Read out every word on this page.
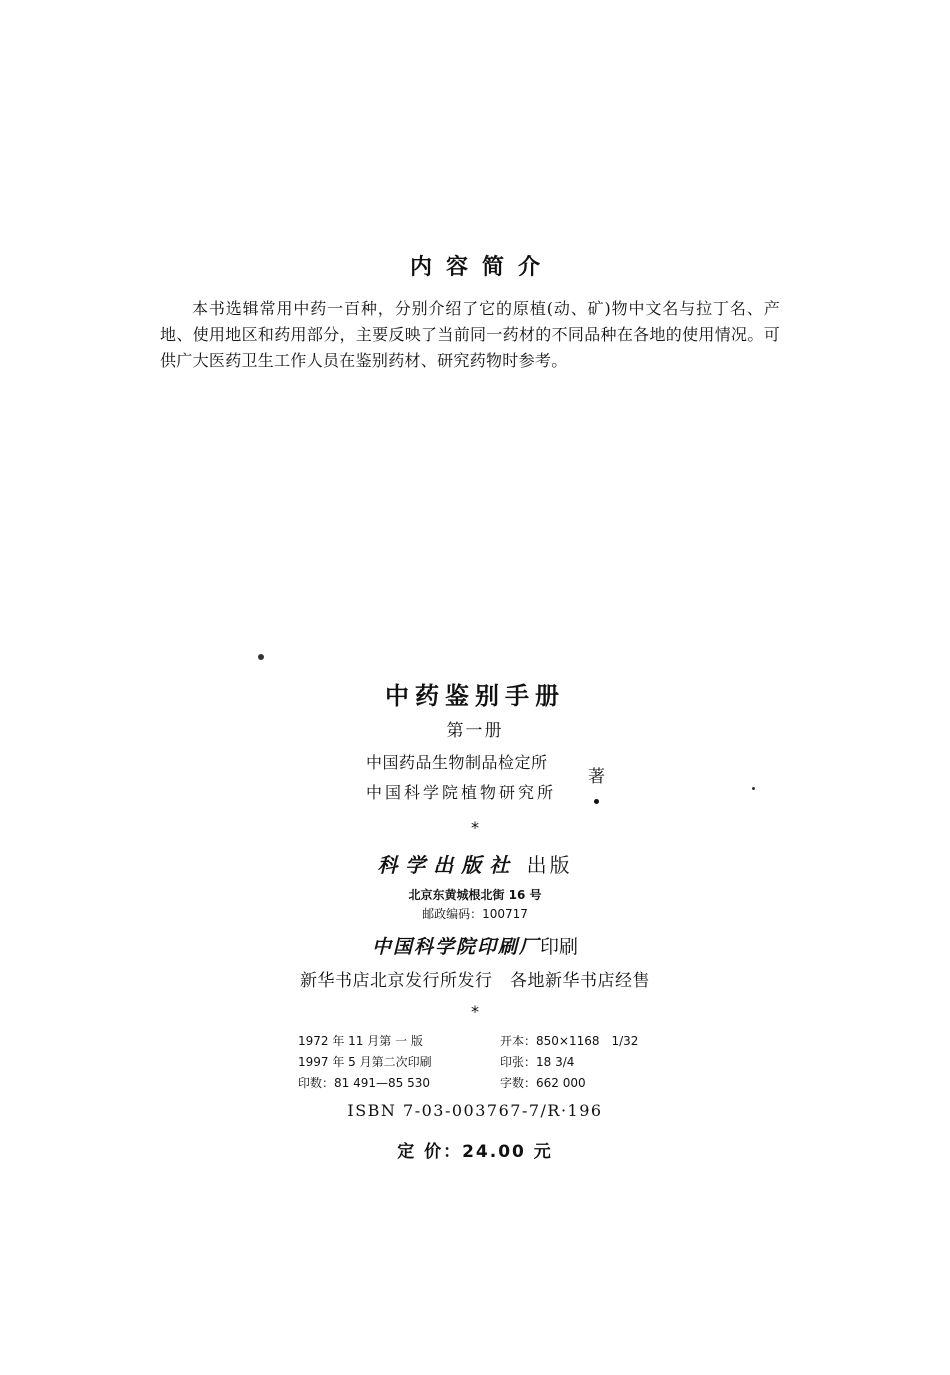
内容简介
本书选辑常用中药一百种，分别介绍了它的原植(动、矿)物中文名与拉丁名、产地、使用地区和药用部分，主要反映了当前同一药材的不同品种在各地的使用情况。可供广大医药卫生工作人员在鉴别药材、研究药物时参考。
中药鉴别手册
第一册
中国药品生物制品检定所
中国科学院植物研究所
著
*
科学出版社 出版
北京东黄城根北街 16 号
邮政编码：100717
中国科学院印刷厂印刷
新华书店北京发行所发行　各地新华书店经售
*
1972 年 11 月第 一 版
1997 年 5 月第二次印刷
印数：81 491—85 530
开本：850×1168　1/32
印张：18 3/4
字数：662 000
ISBN 7-03-003767-7/R·196
定 价：24.00 元
